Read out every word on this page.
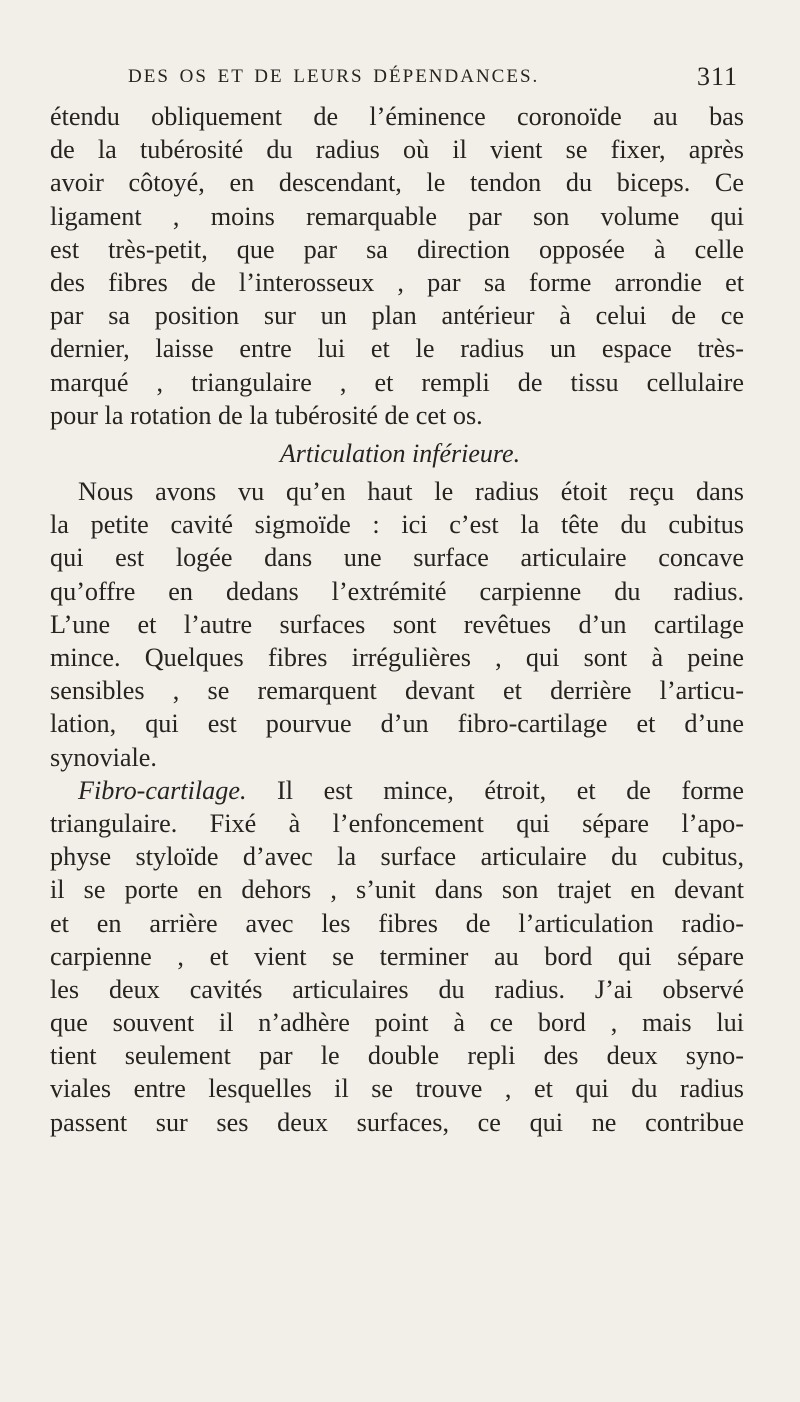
DES OS ET DE LEURS DÉPENDANCES.	311
étendu obliquement de l’éminence coronoïde au bas
de la tubérosité du radius où il vient se fixer, après
avoir côtoyé, en descendant, le tendon du biceps. Ce
ligament , moins remarquable par son volume qui
est très-petit, que par sa direction opposée à celle
des fibres de l’interosseux , par sa forme arrondie et
par sa position sur un plan antérieur à celui de ce
dernier, laisse entre lui et le radius un espace très-
marqué , triangulaire , et rempli de tissu cellulaire
pour la rotation de la tubérosité de cet os.
Articulation inférieure.
Nous avons vu qu’en haut le radius étoit reçu dans
la petite cavité sigmoïde : ici c’est la tête du cubitus
qui est logée dans une surface articulaire concave
qu’offre en dedans l’extrémité carpienne du radius.
L’une et l’autre surfaces sont revêtues d’un cartilage
mince. Quelques fibres irrégulières , qui sont à peine
sensibles , se remarquent devant et derrière l’articu-
lation, qui est pourvue d’un fibro-cartilage et d’une
synoviale.
Fibro-cartilage. Il est mince, étroit, et de forme
triangulaire. Fixé à l’enfoncement qui sépare l’apo-
physe styloïde d’avec la surface articulaire du cubitus,
il se porte en dehors , s’unit dans son trajet en devant
et en arrière avec les fibres de l’articulation radio-
carpienne , et vient se terminer au bord qui sépare
les deux cavités articulaires du radius. J’ai observé
que souvent il n’adhère point à ce bord , mais lui
tient seulement par le double repli des deux syno-
viales entre lesquelles il se trouve , et qui du radius
passent sur ses deux surfaces, ce qui ne contribue
